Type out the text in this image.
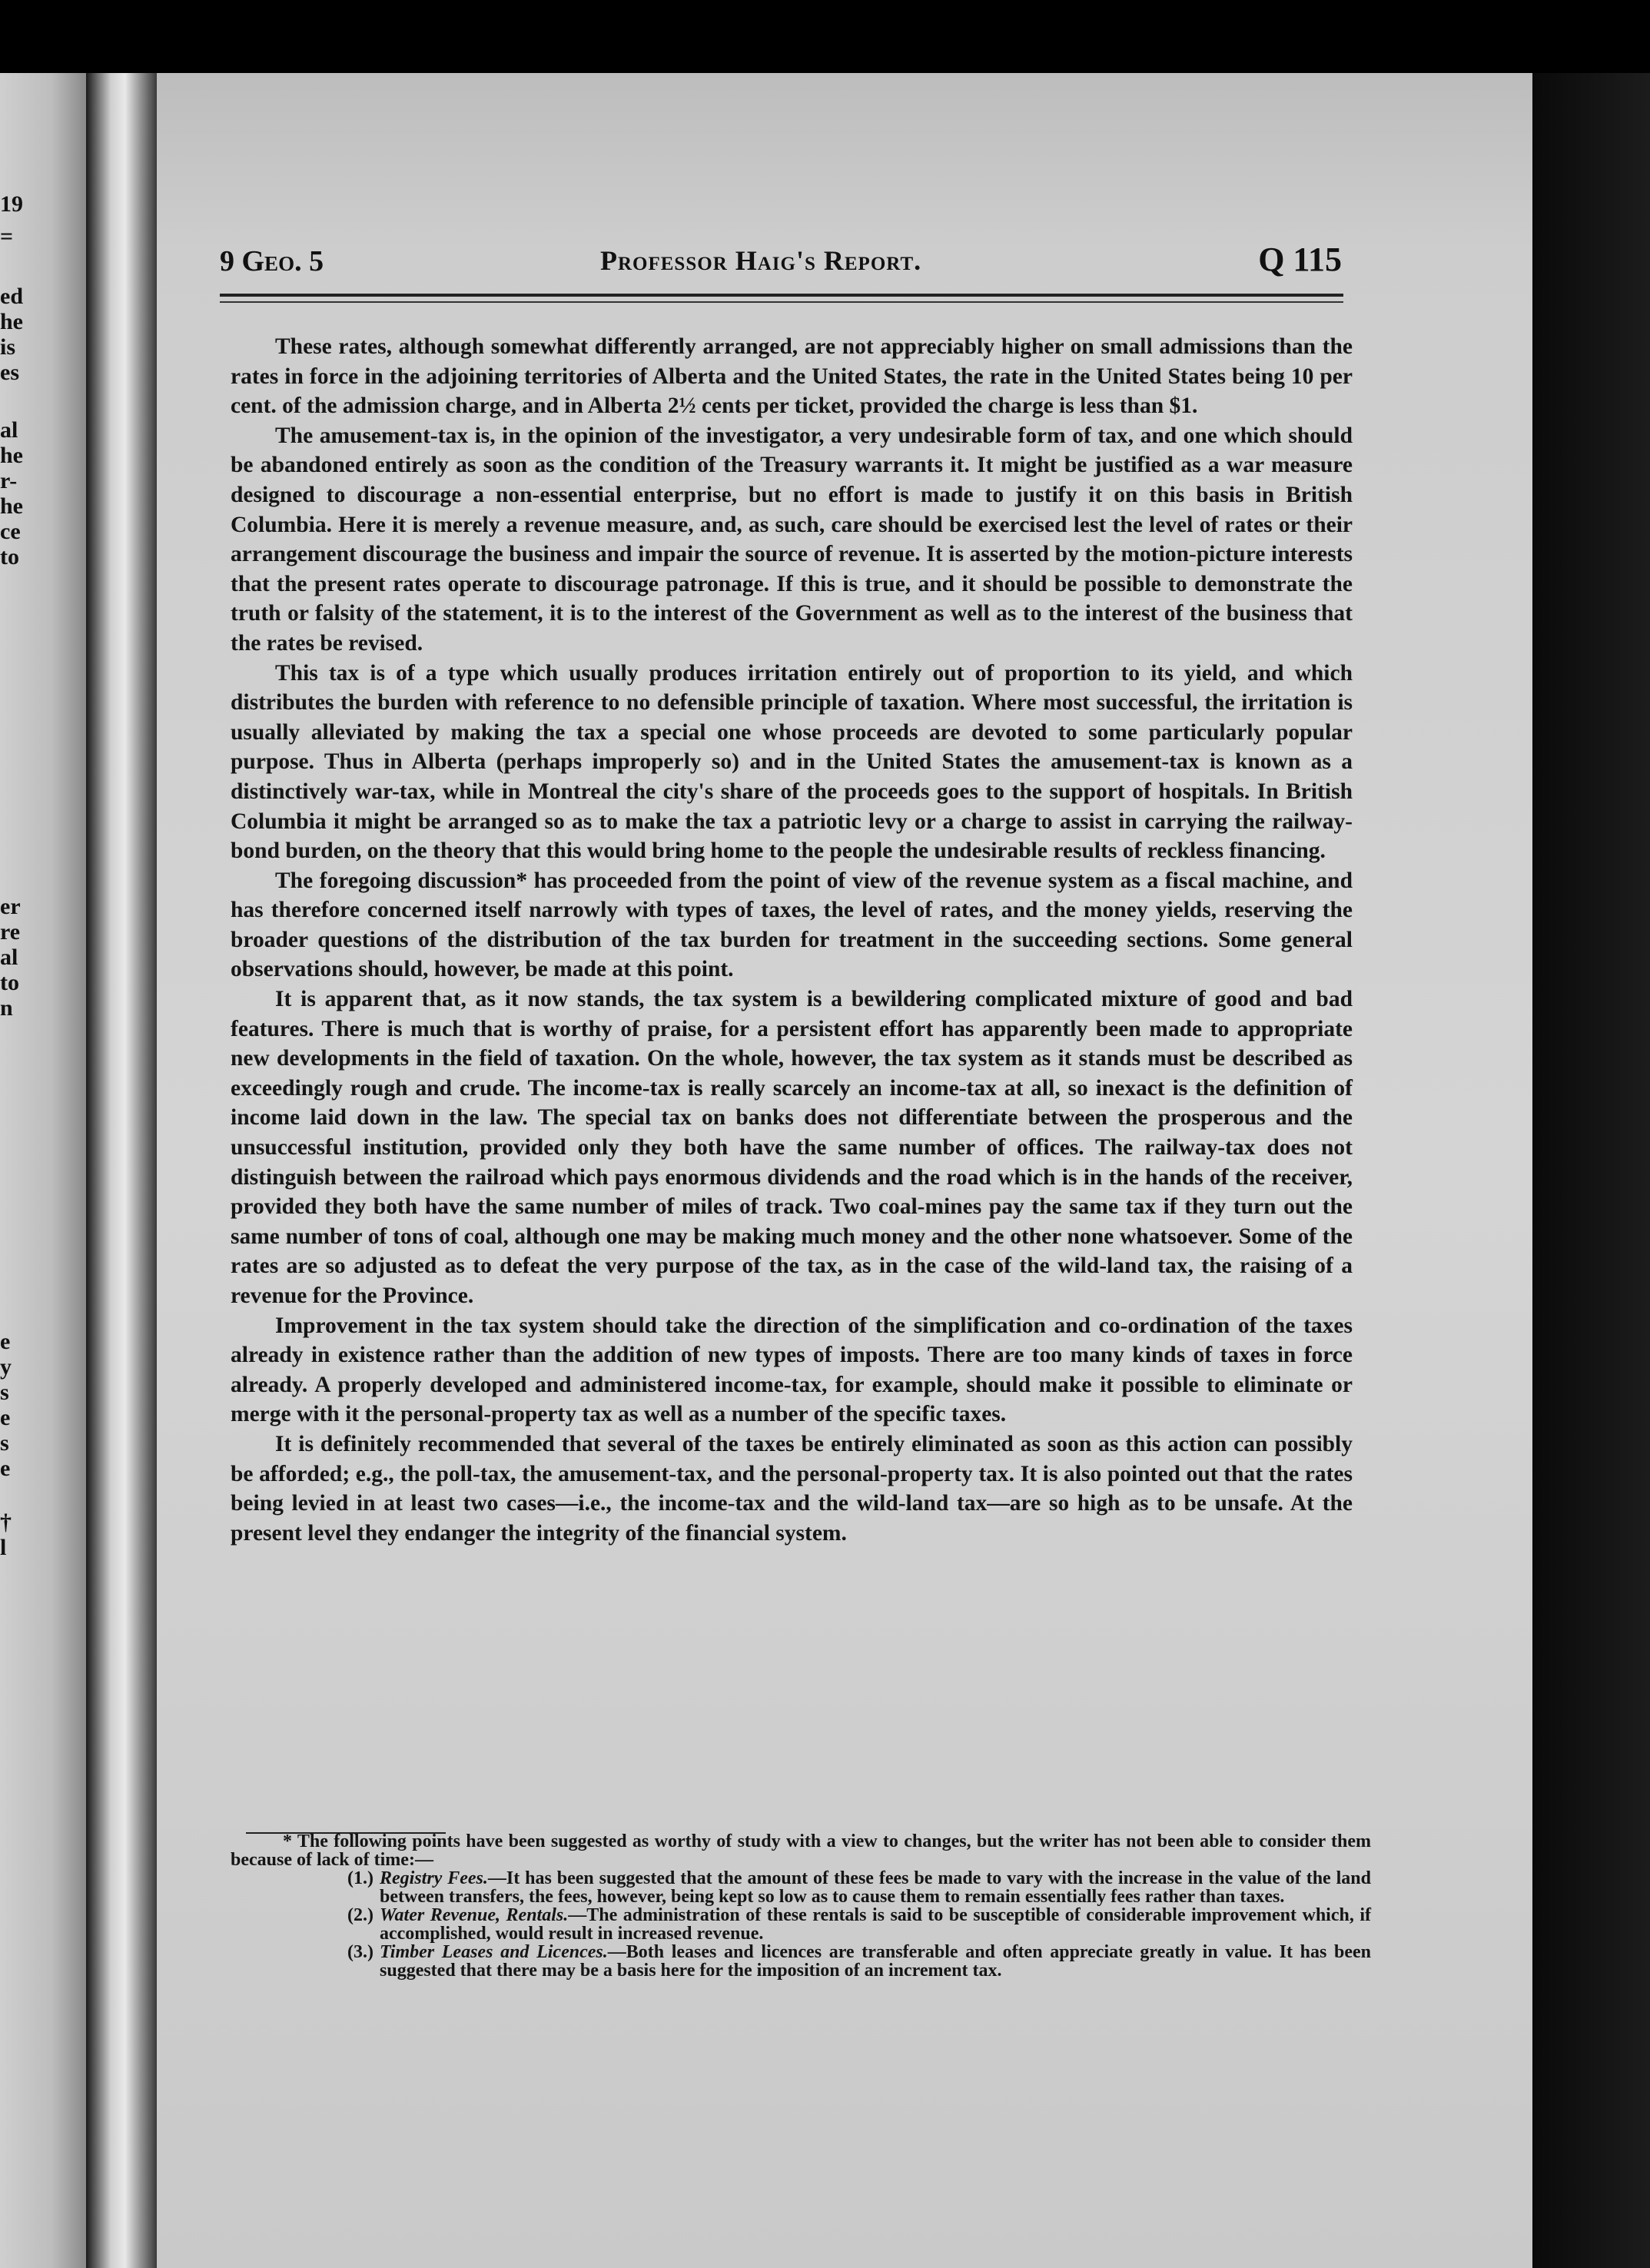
19
=
ed
he
is
es
al
he
r-
he
ce
to
er
re
al
to
n
e
y
s
e
s
e
†
l
9 Geo. 5	Professor Haig's Report.	Q 115

These rates, although somewhat differently arranged, are not appreciably higher on small admissions than the rates in force in the adjoining territories of Alberta and the United States, the rate in the United States being 10 per cent. of the admission charge, and in Alberta 2½ cents per ticket, provided the charge is less than $1.

The amusement-tax is, in the opinion of the investigator, a very undesirable form of tax, and one which should be abandoned entirely as soon as the condition of the Treasury warrants it. It might be justified as a war measure designed to discourage a non-essential enterprise, but no effort is made to justify it on this basis in British Columbia. Here it is merely a revenue measure, and, as such, care should be exercised lest the level of rates or their arrangement discourage the business and impair the source of revenue. It is asserted by the motion-picture interests that the present rates operate to discourage patronage. If this is true, and it should be possible to demonstrate the truth or falsity of the statement, it is to the interest of the Government as well as to the interest of the business that the rates be revised.

This tax is of a type which usually produces irritation entirely out of proportion to its yield, and which distributes the burden with reference to no defensible principle of taxation. Where most successful, the irritation is usually alleviated by making the tax a special one whose proceeds are devoted to some particularly popular purpose. Thus in Alberta (perhaps improperly so) and in the United States the amusement-tax is known as a distinctively war-tax, while in Montreal the city's share of the proceeds goes to the support of hospitals. In British Columbia it might be arranged so as to make the tax a patriotic levy or a charge to assist in carrying the railway-bond burden, on the theory that this would bring home to the people the undesirable results of reckless financing.

The foregoing discussion* has proceeded from the point of view of the revenue system as a fiscal machine, and has therefore concerned itself narrowly with types of taxes, the level of rates, and the money yields, reserving the broader questions of the distribution of the tax burden for treatment in the succeeding sections. Some general observations should, however, be made at this point.

It is apparent that, as it now stands, the tax system is a bewildering complicated mixture of good and bad features. There is much that is worthy of praise, for a persistent effort has apparently been made to appropriate new developments in the field of taxation. On the whole, however, the tax system as it stands must be described as exceedingly rough and crude. The income-tax is really scarcely an income-tax at all, so inexact is the definition of income laid down in the law. The special tax on banks does not differentiate between the prosperous and the unsuccessful institution, provided only they both have the same number of offices. The railway-tax does not distinguish between the railroad which pays enormous dividends and the road which is in the hands of the receiver, provided they both have the same number of miles of track. Two coal-mines pay the same tax if they turn out the same number of tons of coal, although one may be making much money and the other none whatsoever. Some of the rates are so adjusted as to defeat the very purpose of the tax, as in the case of the wild-land tax, the raising of a revenue for the Province.

Improvement in the tax system should take the direction of the simplification and co-ordination of the taxes already in existence rather than the addition of new types of imposts. There are too many kinds of taxes in force already. A properly developed and administered income-tax, for example, should make it possible to eliminate or merge with it the personal-property tax as well as a number of the specific taxes.

It is definitely recommended that several of the taxes be entirely eliminated as soon as this action can possibly be afforded; e.g., the poll-tax, the amusement-tax, and the personal-property tax. It is also pointed out that the rates being levied in at least two cases—i.e., the income-tax and the wild-land tax—are so high as to be unsafe. At the present level they endanger the integrity of the financial system.

* The following points have been suggested as worthy of study with a view to changes, but the writer has not been able to consider them because of lack of time:—

(1.) Registry Fees.—It has been suggested that the amount of these fees be made to vary with the increase in the value of the land between transfers, the fees, however, being kept so low as to cause them to remain essentially fees rather than taxes.

(2.) Water Revenue, Rentals.—The administration of these rentals is said to be susceptible of considerable improvement which, if accomplished, would result in increased revenue.

(3.) Timber Leases and Licences.—Both leases and licences are transferable and often appreciate greatly in value. It has been suggested that there may be a basis here for the imposition of an increment tax.
